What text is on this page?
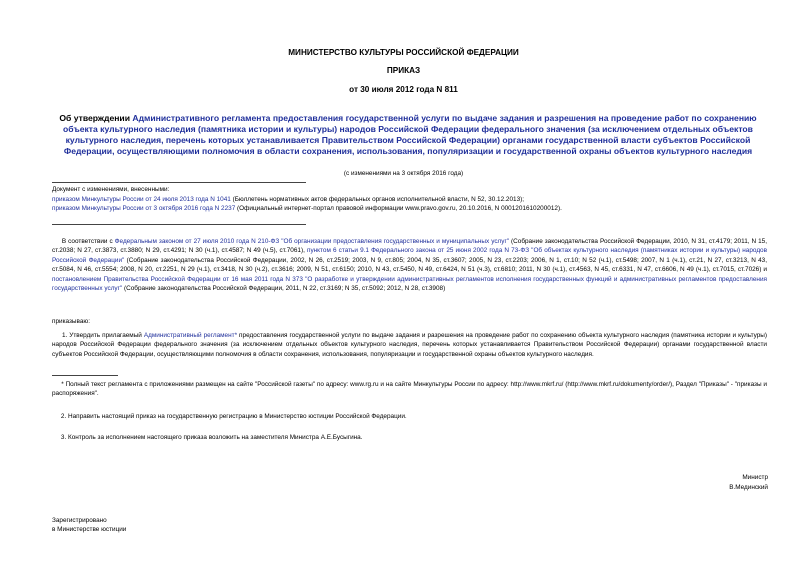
МИНИСТЕРСТВО КУЛЬТУРЫ РОССИЙСКОЙ ФЕДЕРАЦИИ
ПРИКАЗ
от 30 июля 2012 года N 811
Об утверждении Административного регламента предоставления государственной услуги по выдаче задания и разрешения на проведение работ по сохранению объекта культурного наследия (памятника истории и культуры) народов Российской Федерации федерального значения (за исключением отдельных объектов культурного наследия, перечень которых устанавливается Правительством Российской Федерации) органами государственной власти субъектов Российской Федерации, осуществляющими полномочия в области сохранения, использования, популяризации и государственной охраны объектов культурного наследия
(с изменениями на 3 октября 2016 года)
Документ с изменениями, внесенными:
приказом Минкультуры России от 24 июля 2013 года N 1041 (Бюллетень нормативных актов федеральных органов исполнительной власти, N 52, 30.12.2013);
приказом Минкультуры России от 3 октября 2016 года N 2237 (Официальный интернет-портал правовой информации www.pravo.gov.ru, 20.10.2016, N 0001201610200012).

В соответствии с Федеральным законом от 27 июля 2010 года N 210-ФЗ "Об организации предоставления государственных и муниципальных услуг" (Собрание законодательства Российской Федерации, 2010, N 31, ст.4179; 2011, N 15, ст.2038; N 27, ст.3873, ст.3880; N 29, ст.4291; N 30 (ч.1), ст.4587; N 49 (ч.5), ст.7061), пунктом 6 статьи 9.1 Федерального закона от 25 июня 2002 года N 73-ФЗ "Об объектах культурного наследия (памятниках истории и культуры) народов Российской Федерации" (Собрание законодательства Российской Федерации, 2002, N 26, ст.2519; 2003, N 9, ст.805; 2004, N 35, ст.3607; 2005, N 23, ст.2203; 2006, N 1, ст.10; N 52 (ч.1), ст.5498; 2007, N 1 (ч.1), ст.21, N 27, ст.3213, N 43, ст.5084, N 46, ст.5554; 2008, N 20, ст.2251, N 29 (ч.1), ст.3418, N 30 (ч.2), ст.3616; 2009, N 51, ст.6150; 2010, N 43, ст.5450, N 49, ст.6424, N 51 (ч.3), ст.6810; 2011, N 30 (ч.1), ст.4563, N 45, ст.6331, N 47, ст.6606, N 49 (ч.1), ст.7015, ст.7026) и постановлением Правительства Российской Федерации от 16 мая 2011 года N 373 "О разработке и утверждении административных регламентов исполнения государственных функций и административных регламентов предоставления государственных услуг" (Собрание законодательства Российской Федерации, 2011, N 22, ст.3169; N 35, ст.5092; 2012, N 28, ст.3908)

приказываю:

1. Утвердить прилагаемый Административный регламент* предоставления государственной услуги по выдаче задания и разрешения на проведение работ по сохранению объекта культурного наследия (памятника истории и культуры) народов Российской Федерации федерального значения (за исключением отдельных объектов культурного наследия, перечень которых устанавливается Правительством Российской Федерации) органами государственной власти субъектов Российской Федерации, осуществляющими полномочия в области сохранения, использования, популяризации и государственной охраны объектов культурного наследия.

* Полный текст регламента с приложениями размещен на сайте "Российской газеты" по адресу: www.rg.ru и на сайте Минкультуры России по адресу: http://www.mkrf.ru/ (http://www.mkrf.ru/dokumenty/order/), Раздел "Приказы" - "приказы и распоряжения".

2. Направить настоящий приказ на государственную регистрацию в Министерство юстиции Российской Федерации.

3. Контроль за исполнением настоящего приказа возложить на заместителя Министра А.Е.Бусыгина.

Министр
В.Мединский
Зарегистрировано
в Министерстве юстиции
